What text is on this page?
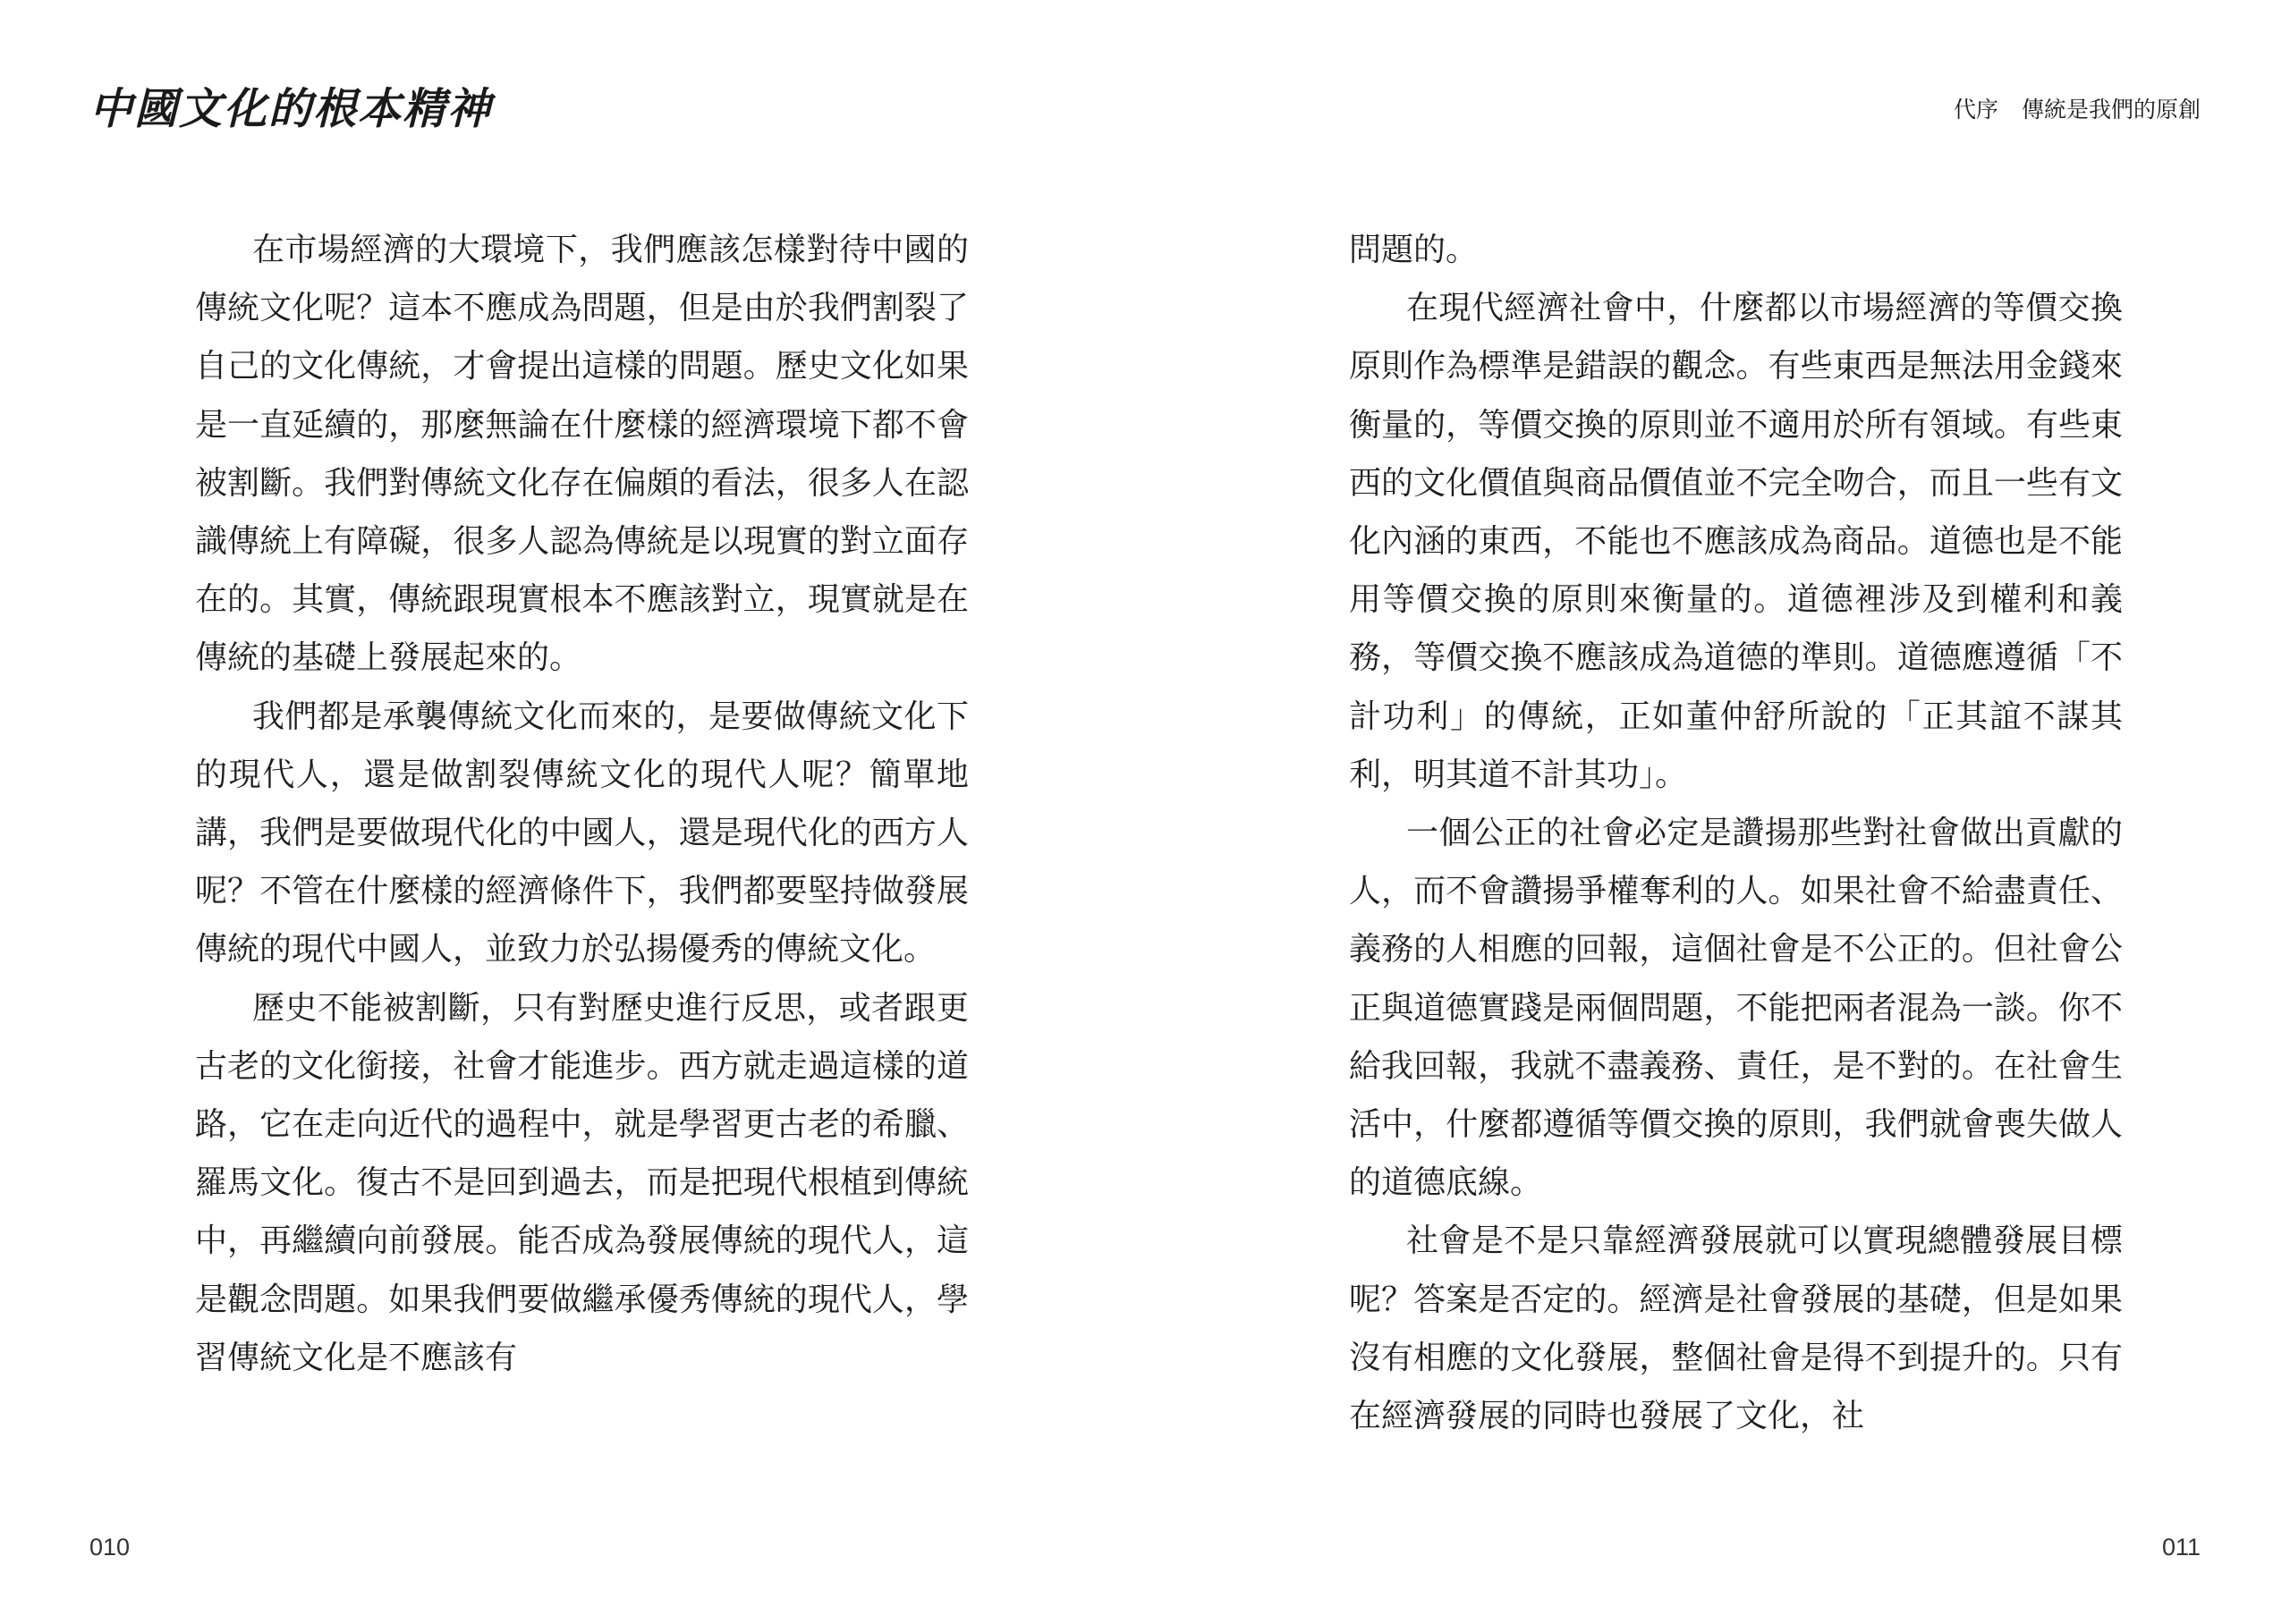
中國文化的根本精神

在市場經濟的大環境下，我們應該怎樣對待中國的傳統文化呢？這本不應成為問題，但是由於我們割裂了自己的文化傳統，才會提出這樣的問題。歷史文化如果是一直延續的，那麼無論在什麼樣的經濟環境下都不會被割斷。我們對傳統文化存在偏頗的看法，很多人在認識傳統上有障礙，很多人認為傳統是以現實的對立面存在的。其實，傳統跟現實根本不應該對立，現實就是在傳統的基礎上發展起來的。

我們都是承襲傳統文化而來的，是要做傳統文化下的現代人，還是做割裂傳統文化的現代人呢？簡單地講，我們是要做現代化的中國人，還是現代化的西方人呢？不管在什麼樣的經濟條件下，我們都要堅持做發展傳統的現代中國人，並致力於弘揚優秀的傳統文化。

歷史不能被割斷，只有對歷史進行反思，或者跟更古老的文化銜接，社會才能進步。西方就走過這樣的道路，它在走向近代的過程中，就是學習更古老的希臘、羅馬文化。復古不是回到過去，而是把現代根植到傳統中，再繼續向前發展。能否成為發展傳統的現代人，這是觀念問題。如果我們要做繼承優秀傳統的現代人，學習傳統文化是不應該有

010
代序 傳統是我們的原創

問題的。

在現代經濟社會中，什麼都以市場經濟的等價交換原則作為標準是錯誤的觀念。有些東西是無法用金錢來衡量的，等價交換的原則並不適用於所有領域。有些東西的文化價值與商品價值並不完全吻合，而且一些有文化內涵的東西，不能也不應該成為商品。道德也是不能用等價交換的原則來衡量的。道德裡涉及到權利和義務，等價交換不應該成為道德的準則。道德應遵循「不計功利」的傳統，正如董仲舒所說的「正其誼不謀其利，明其道不計其功」。

一個公正的社會必定是讚揚那些對社會做出貢獻的人，而不會讚揚爭權奪利的人。如果社會不給盡責任、義務的人相應的回報，這個社會是不公正的。但社會公正與道德實踐是兩個問題，不能把兩者混為一談。你不給我回報，我就不盡義務、責任，是不對的。在社會生活中，什麼都遵循等價交換的原則，我們就會喪失做人的道德底線。

社會是不是只靠經濟發展就可以實現總體發展目標呢？答案是否定的。經濟是社會發展的基礎，但是如果沒有相應的文化發展，整個社會是得不到提升的。只有在經濟發展的同時也發展了文化，社

011
